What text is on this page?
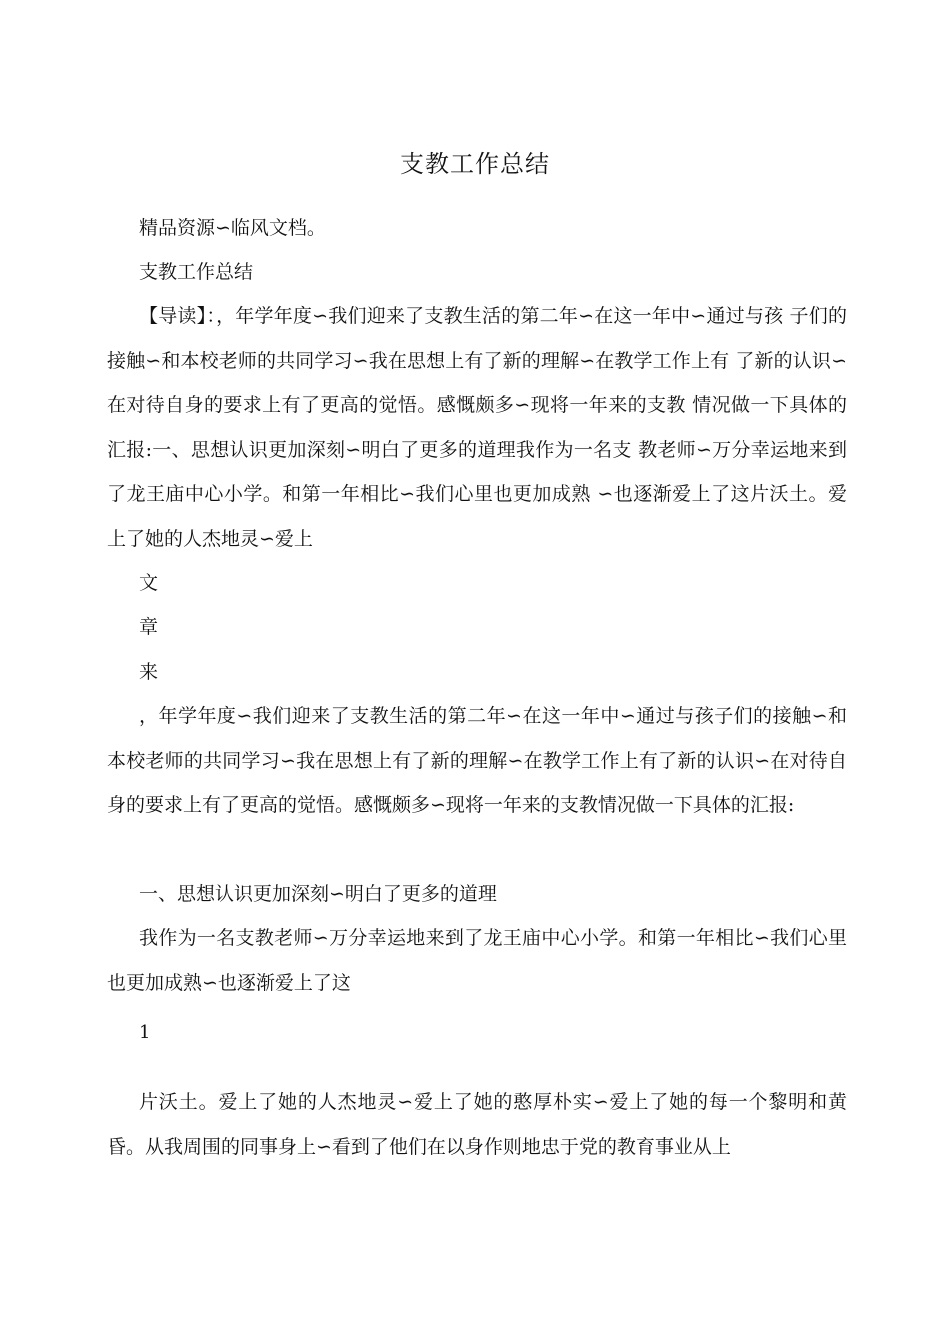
支教工作总结
精品资源∽临风文档。
支教工作总结

【导读】：，年学年度∽我们迎来了支教生活的第二年∽在这一年中∽通过与孩 子们的接触∽和本校老师的共同学习∽我在思想上有了新的理解∽在教学工作上有 了新的认识∽在对待自身的要求上有了更高的觉悟。感慨颇多∽现将一年来的支教 情况做一下具体的汇报:一、思想认识更加深刻∽明白了更多的道理我作为一名支 教老师∽万分幸运地来到了龙王庙中心小学。和第一年相比∽我们心里也更加成熟 ∽也逐渐爱上了这片沃土。爱上了她的人杰地灵∽爱上

文
章
来

，年学年度∽我们迎来了支教生活的第二年∽在这一年中∽通过与孩子们的接触∽和本校老师的共同学习∽我在思想上有了新的理解∽在教学工作上有了新的认识∽在对待自身的要求上有了更高的觉悟。感慨颇多∽现将一年来的支教情况做一下具体的汇报:

一、思想认识更加深刻∽明白了更多的道理

我作为一名支教老师∽万分幸运地来到了龙王庙中心小学。和第一年相比∽我们心里也更加成熟∽也逐渐爱上了这

1

片沃土。爱上了她的人杰地灵∽爱上了她的憨厚朴实∽爱上了她的每一个黎明和黄昏。从我周围的同事身上∽看到了他们在以身作则地忠于党的教育事业从上
